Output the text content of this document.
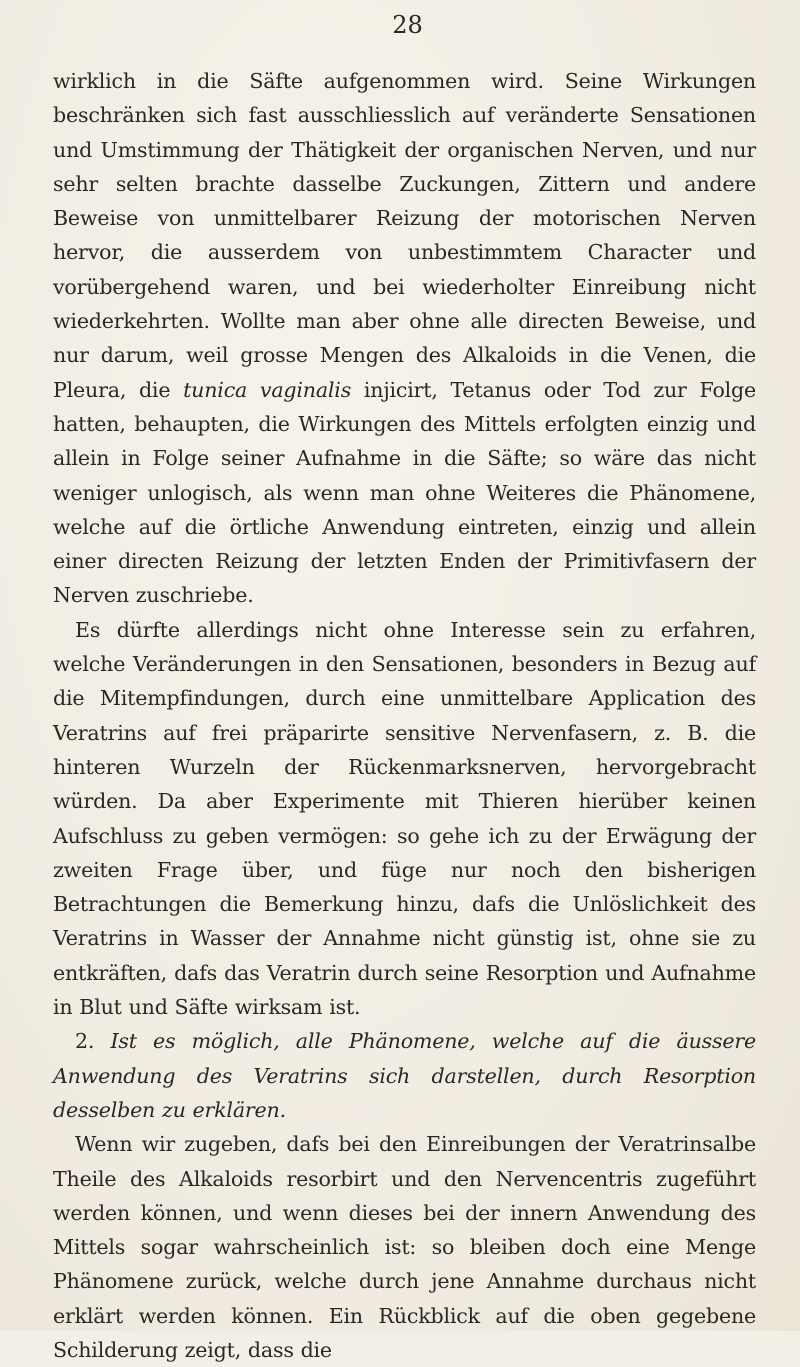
28

wirklich in die Säfte aufgenommen wird. Seine Wirkungen beschränken sich fast ausschliesslich auf veränderte Sensationen und Umstimmung der Thätigkeit der organischen Nerven, und nur sehr selten brachte dasselbe Zuckungen, Zittern und andere Beweise von unmittelbarer Reizung der motorischen Nerven hervor, die ausserdem von unbestimmtem Character und vorübergehend waren, und bei wiederholter Einreibung nicht wiederkehrten. Wollte man aber ohne alle directen Beweise, und nur darum, weil grosse Mengen des Alkaloids in die Venen, die Pleura, die tunica vaginalis injicirt, Tetanus oder Tod zur Folge hatten, behaupten, die Wirkungen des Mittels erfolgten einzig und allein in Folge seiner Aufnahme in die Säfte; so wäre das nicht weniger unlogisch, als wenn man ohne Weiteres die Phänomene, welche auf die örtliche Anwendung eintreten, einzig und allein einer directen Reizung der letzten Enden der Primitivfasern der Nerven zuschriebe.

Es dürfte allerdings nicht ohne Interesse sein zu erfahren, welche Veränderungen in den Sensationen, besonders in Bezug auf die Mitempfindungen, durch eine unmittelbare Application des Veratrins auf frei präparirte sensitive Nervenfasern, z. B. die hinteren Wurzeln der Rückenmarksnerven, hervorgebracht würden. Da aber Experimente mit Thieren hierüber keinen Aufschluss zu geben vermögen: so gehe ich zu der Erwägung der zweiten Frage über, und füge nur noch den bisherigen Betrachtungen die Bemerkung hinzu, dafs die Unlöslichkeit des Veratrins in Wasser der Annahme nicht günstig ist, ohne sie zu entkräften, dafs das Veratrin durch seine Resorption und Aufnahme in Blut und Säfte wirksam ist.

2. Ist es möglich, alle Phänomene, welche auf die äussere Anwendung des Veratrins sich darstellen, durch Resorption desselben zu erklären.

Wenn wir zugeben, dafs bei den Einreibungen der Veratrinsalbe Theile des Alkaloids resorbirt und den Nervencentris zugeführt werden können, und wenn dieses bei der innern Anwendung des Mittels sogar wahrscheinlich ist: so bleiben doch eine Menge Phänomene zurück, welche durch jene Annahme durchaus nicht erklärt werden können. Ein Rückblick auf die oben gegebene Schilderung zeigt, dass die
